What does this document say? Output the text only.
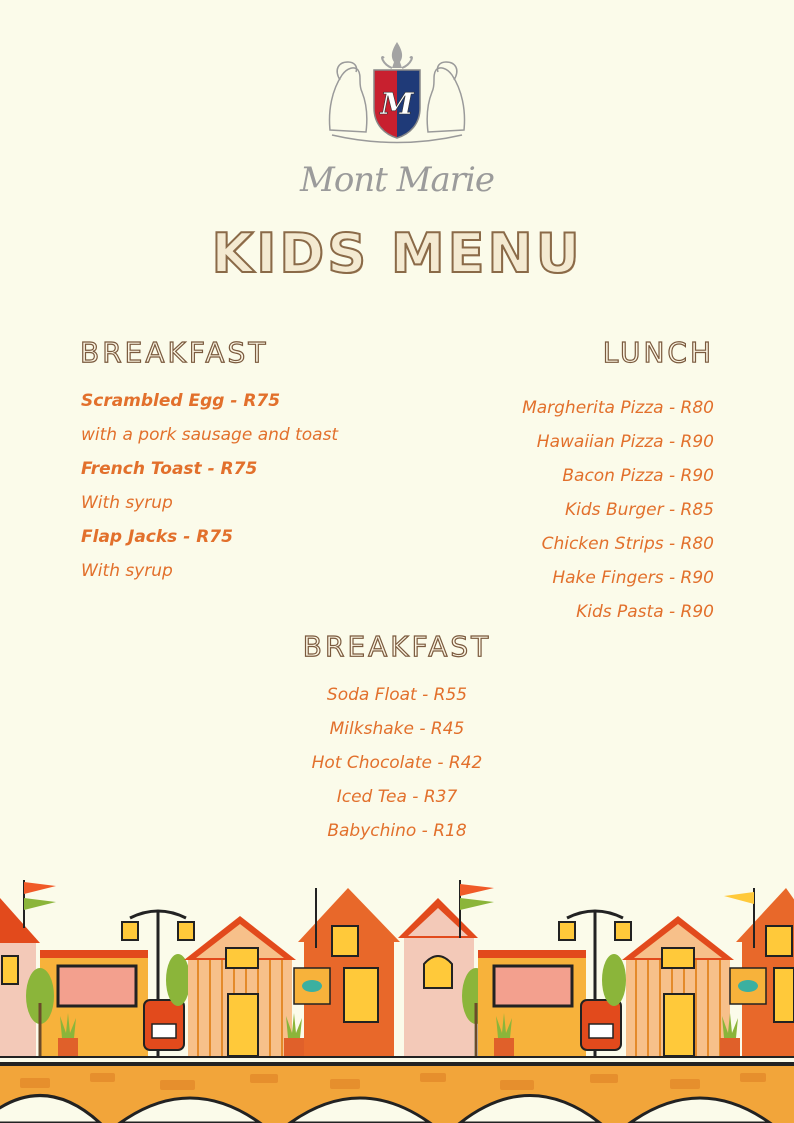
M
Mont Marie
KIDS MENU
BREAKFAST
Scrambled Egg - R75
with a pork sausage and toast
French Toast - R75
With syrup
Flap Jacks - R75
With syrup
LUNCH
Margherita Pizza - R80
Hawaiian Pizza - R90
Bacon Pizza - R90
Kids Burger - R85
Chicken Strips - R80
Hake Fingers - R90
Kids Pasta - R90
BREAKFAST
Soda Float - R55
Milkshake - R45
Hot Chocolate - R42
Iced Tea - R37
Babychino - R18
